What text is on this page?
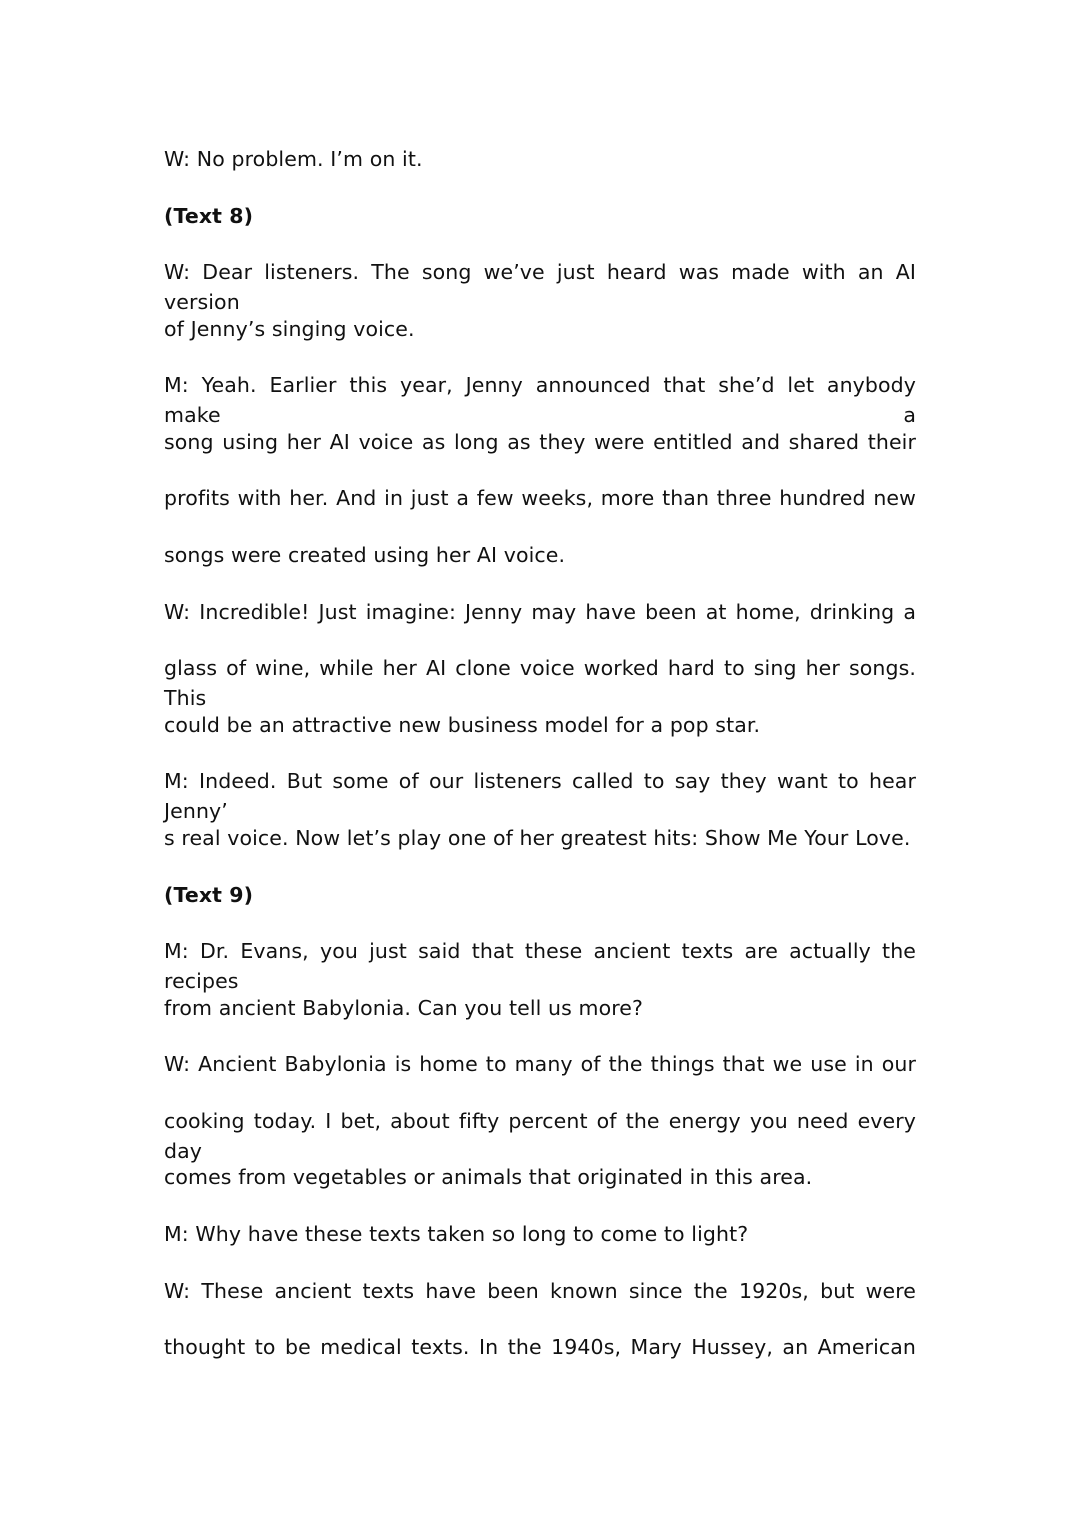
W: No problem. I’m on it.

(Text 8)

W: Dear listeners. The song we’ve just heard was made with an AI version

of Jenny’s singing voice.

M: Yeah. Earlier this year, Jenny announced that she’d let anybody make a

song using her AI voice as long as they were entitled and shared their

profits with her. And in just a few weeks, more than three hundred new

songs were created using her AI voice.

W: Incredible! Just imagine: Jenny may have been at home, drinking a

glass of wine, while her AI clone voice worked hard to sing her songs. This

could be an attractive new business model for a pop star.

M: Indeed. But some of our listeners called to say they want to hear Jenny’

s real voice. Now let’s play one of her greatest hits: Show Me Your Love.

(Text 9)

M: Dr. Evans, you just said that these ancient texts are actually the recipes

from ancient Babylonia. Can you tell us more?

W: Ancient Babylonia is home to many of the things that we use in our

cooking today. I bet, about fifty percent of the energy you need every day

comes from vegetables or animals that originated in this area.

M: Why have these texts taken so long to come to light?

W: These ancient texts have been known since the 1920s, but were

thought to be medical texts. In the 1940s, Mary Hussey, an American
